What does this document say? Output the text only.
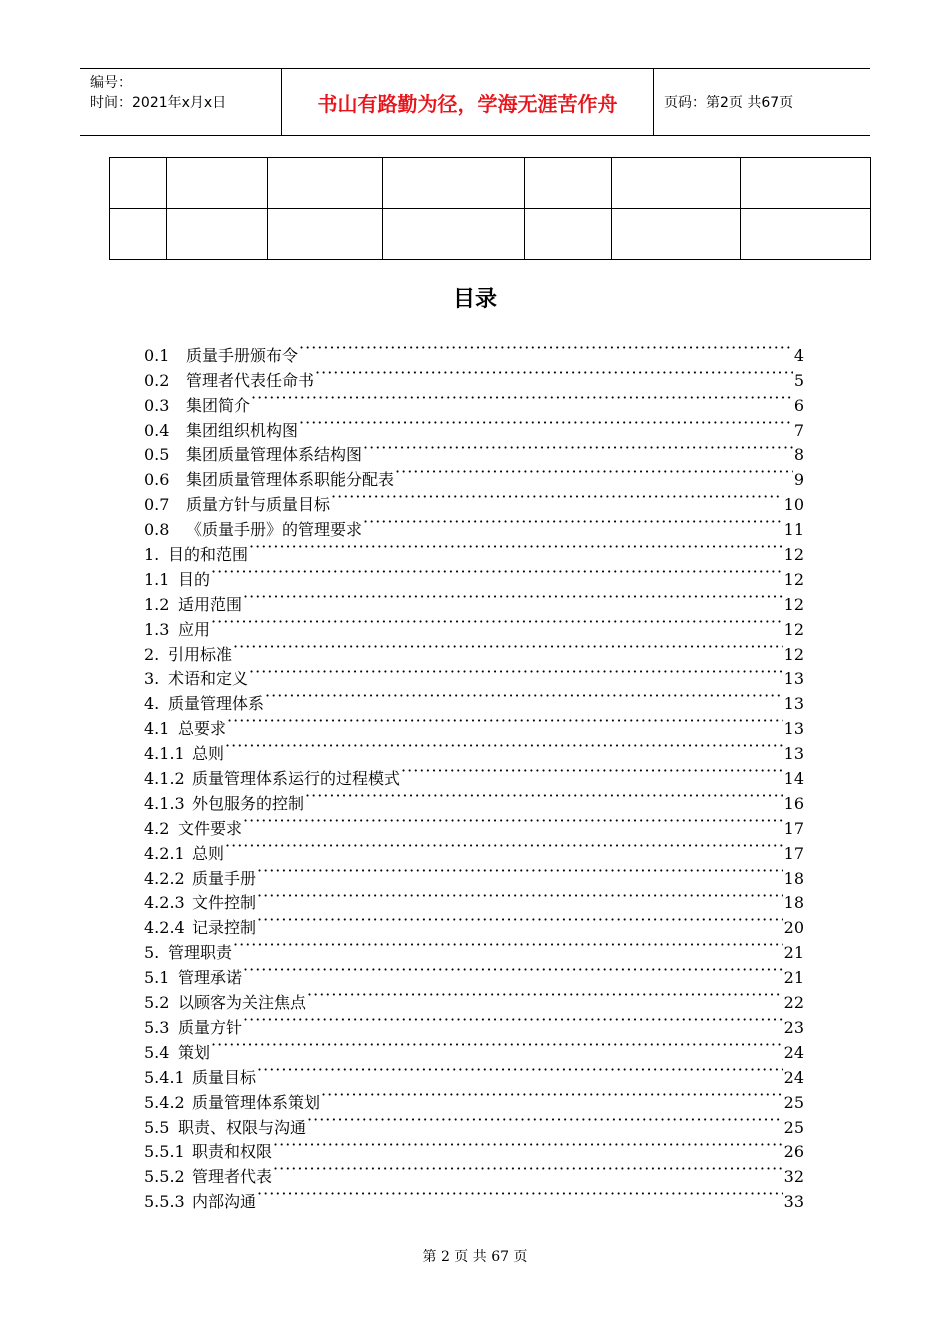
编号：
时间：2021年x月x日	书山有路勤为径，学海无涯苦作舟	页码：第2页 共67页

目录
0.1	质量手册颁布令 ·····	4
0.2	管理者代表任命书 ·····	5
0.3	集团简介 ·····	6
0.4	集团组织机构图 ·····	7
0.5	集团质量管理体系结构图 ·····	8
0.6	集团质量管理体系职能分配表 ·····	9
0.7	质量方针与质量目标 ·····	10
0.8	《质量手册》的管理要求 ·····	11
1. 目的和范围 ·····	12
1.1 目的 ·····	12
1.2 适用范围 ·····	12
1.3 应用 ·····	12
2. 引用标准 ·····	12
3. 术语和定义 ·····	13
4. 质量管理体系 ·····	13
4.1 总要求 ·····	13
4.1.1 总则 ·····	13
4.1.2 质量管理体系运行的过程模式 ·····	14
4.1.3 外包服务的控制 ·····	16
4.2 文件要求 ·····	17
4.2.1 总则 ·····	17
4.2.2 质量手册 ·····	18
4.2.3 文件控制 ·····	18
4.2.4 记录控制 ·····	20
5. 管理职责 ·····	21
5.1 管理承诺 ·····	21
5.2 以顾客为关注焦点 ·····	22
5.3 质量方针 ·····	23
5.4 策划 ·····	24
5.4.1 质量目标 ·····	24
5.4.2 质量管理体系策划 ·····	25
5.5 职责、权限与沟通 ·····	25
5.5.1 职责和权限 ·····	26
5.5.2 管理者代表 ·····	32
5.5.3 内部沟通 ·····	33
第 2 页 共 67 页
